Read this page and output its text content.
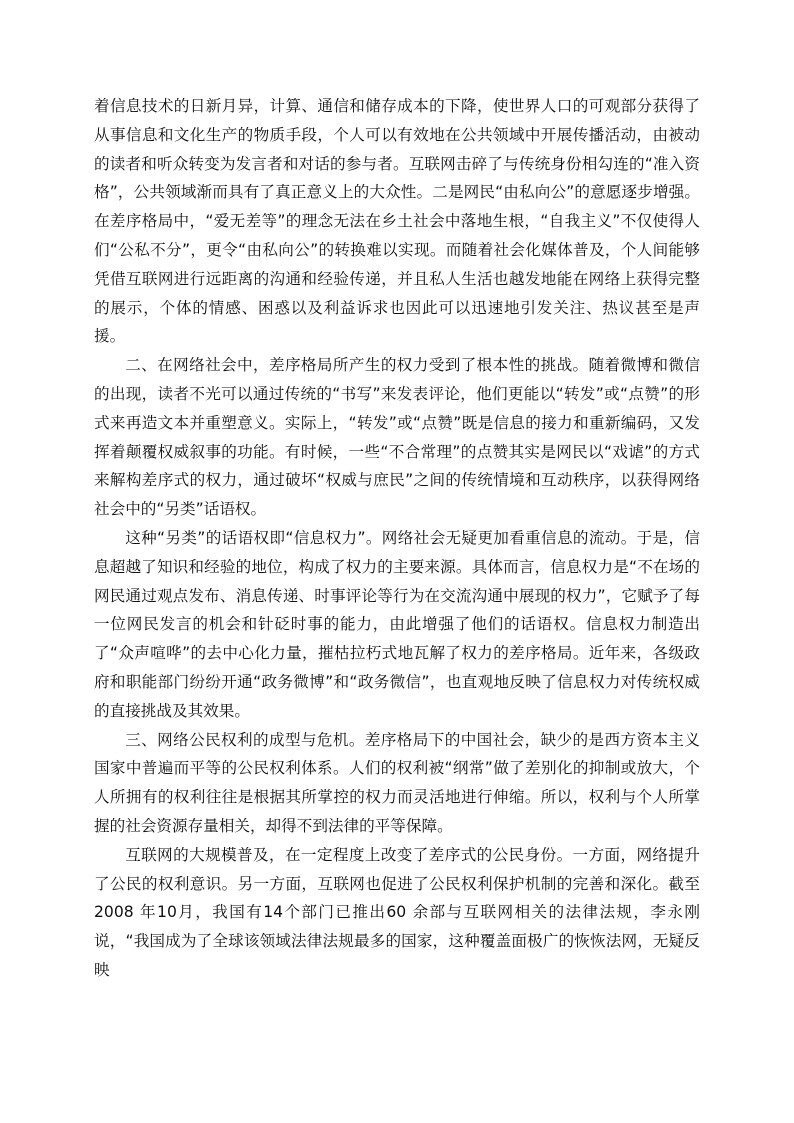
着信息技术的日新月异，计算、通信和储存成本的下降，使世界人口的可观部分获得了从事信息和文化生产的物质手段，个人可以有效地在公共领域中开展传播活动，由被动的读者和听众转变为发言者和对话的参与者。互联网击碎了与传统身份相勾连的“准入资格”，公共领域渐而具有了真正意义上的大众性。二是网民“由私向公”的意愿逐步增强。在差序格局中，“爱无差等”的理念无法在乡土社会中落地生根，“自我主义”不仅使得人们“公私不分”，更令“由私向公”的转换难以实现。而随着社会化媒体普及，个人间能够凭借互联网进行远距离的沟通和经验传递，并且私人生活也越发地能在网络上获得完整的展示，个体的情感、困惑以及利益诉求也因此可以迅速地引发关注、热议甚至是声援。

二、在网络社会中，差序格局所产生的权力受到了根本性的挑战。随着微博和微信的出现，读者不光可以通过传统的“书写”来发表评论，他们更能以“转发”或“点赞”的形式来再造文本并重塑意义。实际上，“转发”或“点赞”既是信息的接力和重新编码，又发挥着颠覆权威叙事的功能。有时候，一些“不合常理”的点赞其实是网民以“戏谑”的方式来解构差序式的权力，通过破坏“权威与庶民”之间的传统情境和互动秩序，以获得网络社会中的“另类”话语权。

这种“另类”的话语权即“信息权力”。网络社会无疑更加看重信息的流动。于是，信息超越了知识和经验的地位，构成了权力的主要来源。具体而言，信息权力是“不在场的网民通过观点发布、消息传递、时事评论等行为在交流沟通中展现的权力”，它赋予了每一位网民发言的机会和针砭时事的能力，由此增强了他们的话语权。信息权力制造出了“众声喧哗”的去中心化力量，摧枯拉朽式地瓦解了权力的差序格局。近年来，各级政府和职能部门纷纷开通“政务微博”和“政务微信”，也直观地反映了信息权力对传统权威的直接挑战及其效果。

三、网络公民权利的成型与危机。差序格局下的中国社会，缺少的是西方资本主义国家中普遍而平等的公民权利体系。人们的权利被“纲常”做了差别化的抑制或放大，个人所拥有的权利往往是根据其所掌控的权力而灵活地进行伸缩。所以，权利与个人所掌握的社会资源存量相关，却得不到法律的平等保障。

互联网的大规模普及，在一定程度上改变了差序式的公民身份。一方面，网络提升了公民的权利意识。另一方面，互联网也促进了公民权利保护机制的完善和深化。截至2008 年10月，我国有14个部门已推出60 余部与互联网相关的法律法规，李永刚说，“我国成为了全球该领域法律法规最多的国家，这种覆盖面极广的恢恢法网，无疑反映
